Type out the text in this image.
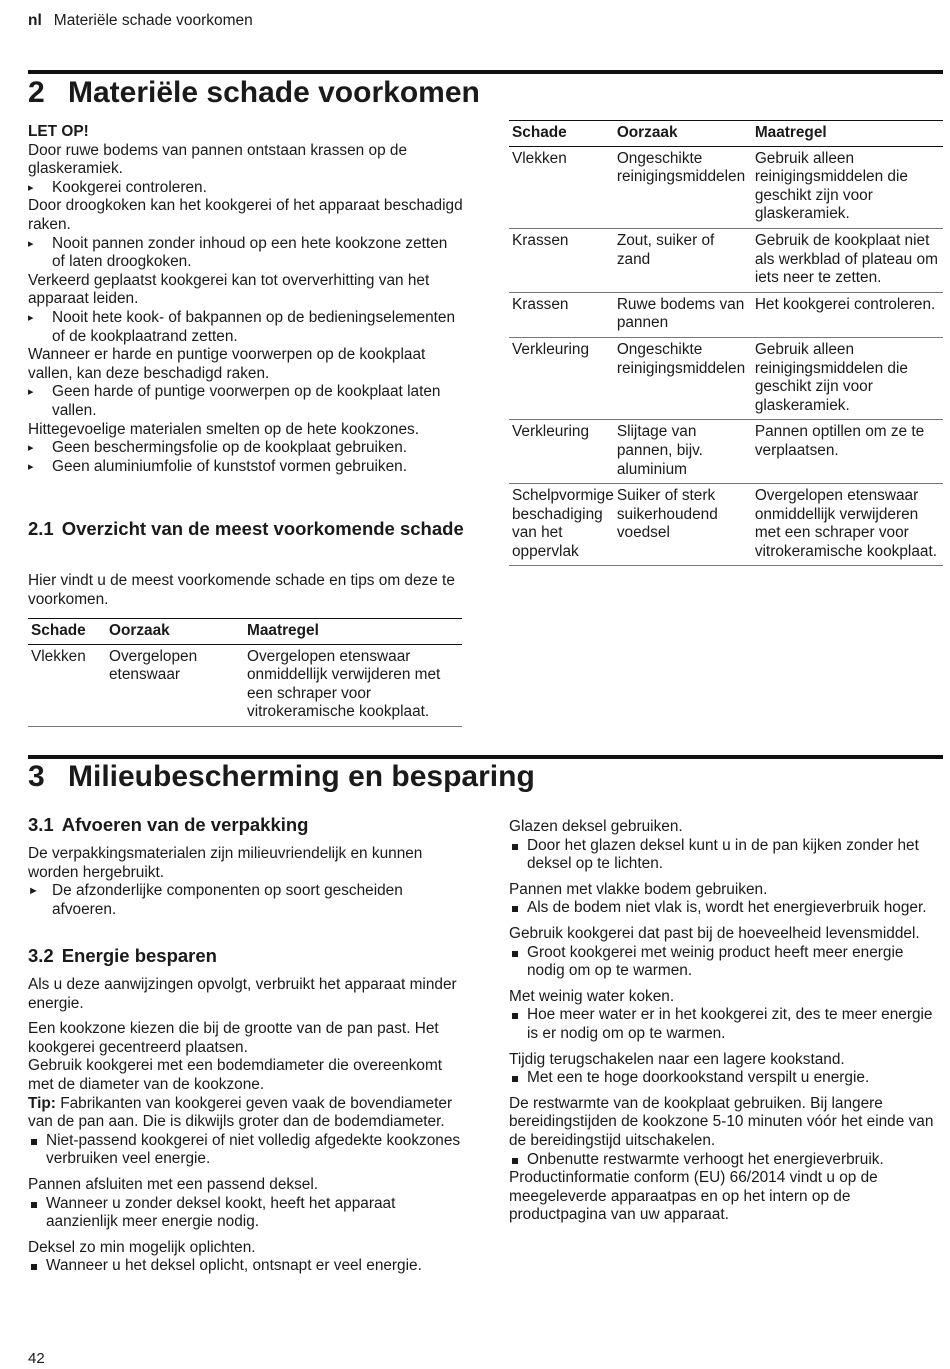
nl Materiële schade voorkomen
2 Materiële schade voorkomen
LET OP!
Door ruwe bodems van pannen ontstaan krassen op de glaskeramiek.
▸	Kookgerei controleren.
Door droogkoken kan het kookgerei of het apparaat beschadigd raken.
▸	Nooit pannen zonder inhoud op een hete kookzone zetten of laten droogkoken.
Verkeerd geplaatst kookgerei kan tot oververhitting van het apparaat leiden.
▸	Nooit hete kook- of bakpannen op de bedieningselementen of de kookplaatrand zetten.
Wanneer er harde en puntige voorwerpen op de kookplaat vallen, kan deze beschadigd raken.
▸	Geen harde of puntige voorwerpen op de kookplaat laten vallen.
Hittegevoelige materialen smelten op de hete kookzones.
▸	Geen beschermingsfolie op de kookplaat gebruiken.
▸	Geen aluminiumfolie of kunststof vormen gebruiken.
2.1 Overzicht van de meest voorkomende schade
Hier vindt u de meest voorkomende schade en tips om deze te voorkomen.
Schade	Oorzaak	Maatregel
Vlekken	Overgelopen etenswaar	Overgelopen etenswaar onmiddellijk verwijderen met een schraper voor vitrokeramische kookplaat.
Schade	Oorzaak	Maatregel
Vlekken	Ongeschikte reinigingsmiddelen	Gebruik alleen reinigingsmiddelen die geschikt zijn voor glaskeramiek.
Krassen	Zout, suiker of zand	Gebruik de kookplaat niet als werkblad of plateau om iets neer te zetten.
Krassen	Ruwe bodems van pannen	Het kookgerei controleren.
Verkleuring	Ongeschikte reinigingsmiddelen	Gebruik alleen reinigingsmiddelen die geschikt zijn voor glaskeramiek.
Verkleuring	Slijtage van pannen, bijv. aluminium	Pannen optillen om ze te verplaatsen.
Schelpvormige beschadiging van het oppervlak	Suiker of sterk suikerhoudend voedsel	Overgelopen etenswaar onmiddellijk verwijderen met een schraper voor vitrokeramische kookplaat.
3 Milieubescherming en besparing
3.1 Afvoeren van de verpakking
De verpakkingsmaterialen zijn milieuvriendelijk en kunnen worden hergebruikt.
► De afzonderlijke componenten op soort gescheiden afvoeren.
3.2 Energie besparen
Als u deze aanwijzingen opvolgt, verbruikt het apparaat minder energie.
Een kookzone kiezen die bij de grootte van de pan past. Het kookgerei gecentreerd plaatsen.
Gebruik kookgerei met een bodemdiameter die overeenkomt met de diameter van de kookzone.
Tip: Fabrikanten van kookgerei geven vaak de bovendiameter van de pan aan. Die is dikwijls groter dan de bodemdiameter.
Niet-passend kookgerei of niet volledig afgedekte kookzones verbruiken veel energie.
Pannen afsluiten met een passend deksel.
Wanneer u zonder deksel kookt, heeft het apparaat aanzienlijk meer energie nodig.
Deksel zo min mogelijk oplichten.
Wanneer u het deksel oplicht, ontsnapt er veel energie.
Glazen deksel gebruiken.
Door het glazen deksel kunt u in de pan kijken zonder het deksel op te lichten.
Pannen met vlakke bodem gebruiken.
Als de bodem niet vlak is, wordt het energieverbruik hoger.
Gebruik kookgerei dat past bij de hoeveelheid levensmiddel.
Groot kookgerei met weinig product heeft meer energie nodig om op te warmen.
Met weinig water koken.
Hoe meer water er in het kookgerei zit, des te meer energie is er nodig om op te warmen.
Tijdig terugschakelen naar een lagere kookstand.
Met een te hoge doorkookstand verspilt u energie.
De restwarmte van de kookplaat gebruiken. Bij langere bereidingstijden de kookzone 5-10 minuten vóór het einde van de bereidingstijd uitschakelen.
Onbenutte restwarmte verhoogt het energieverbruik.
Productinformatie conform (EU) 66/2014 vindt u op de meegeleverde apparaatpas en op het intern op de productpagina van uw apparaat.
42
